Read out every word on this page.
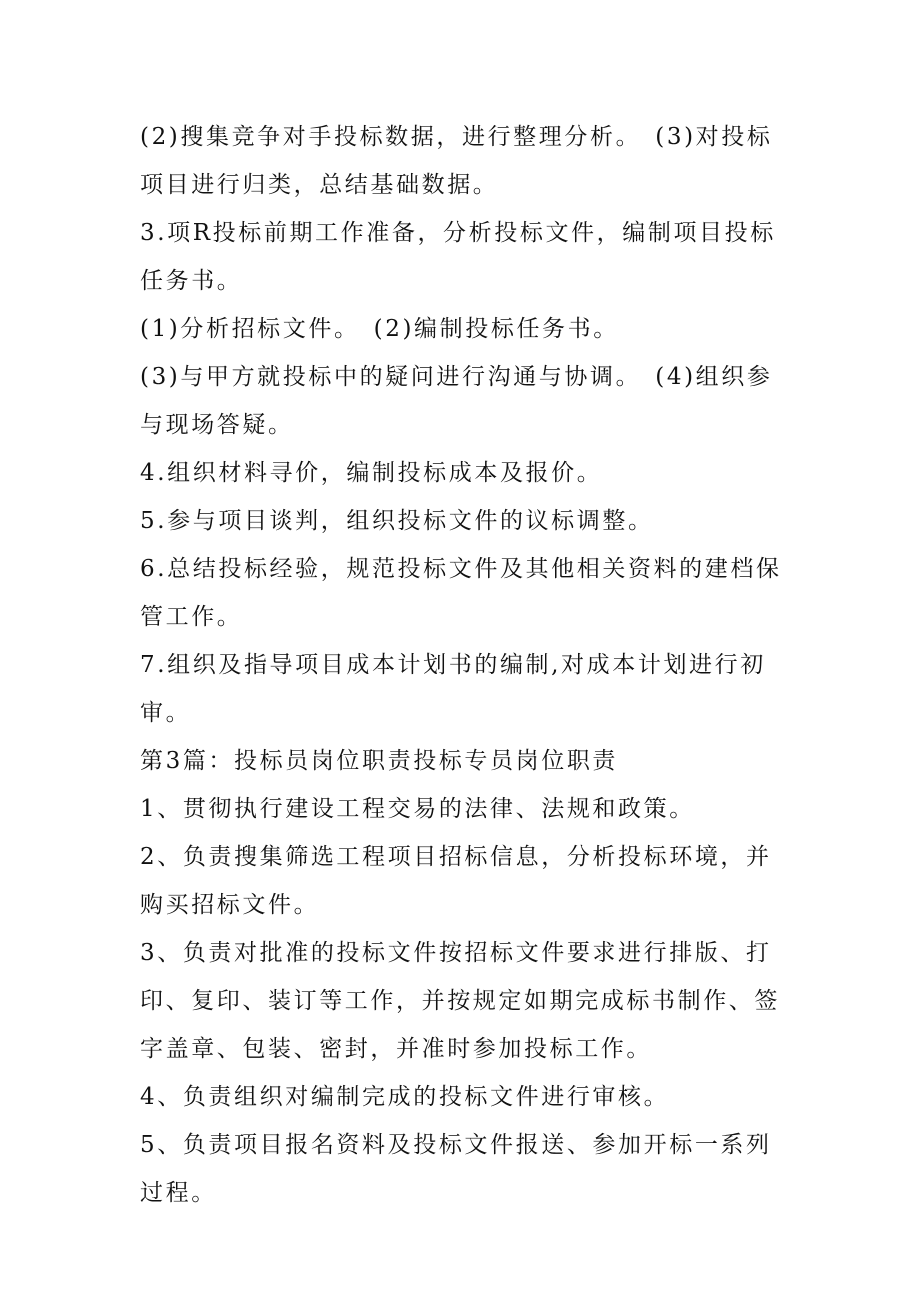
(2)搜集竞争对手投标数据，进行整理分析。　(3)对投标项目进行归类，总结基础数据。

3.项R投标前期工作准备，分析投标文件，编制项目投标任务书。

(1)分析招标文件。　(2)编制投标任务书。

(3)与甲方就投标中的疑问进行沟通与协调。　(4)组织参与现场答疑。

4.组织材料寻价，编制投标成本及报价。

5.参与项目谈判，组织投标文件的议标调整。

6.总结投标经验，规范投标文件及其他相关资料的建档保管工作。

7.组织及指导项目成本计划书的编制,对成本计划进行初审。

第3篇：投标员岗位职责投标专员岗位职责

1、贯彻执行建设工程交易的法律、法规和政策。

2、负责搜集筛选工程项目招标信息，分析投标环境，并购买招标文件。

3、负责对批准的投标文件按招标文件要求进行排版、打印、复印、装订等工作，并按规定如期完成标书制作、签字盖章、包装、密封，并准时参加投标工作。

4、负责组织对编制完成的投标文件进行审核。

5、负责项目报名资料及投标文件报送、参加开标一系列过程。
